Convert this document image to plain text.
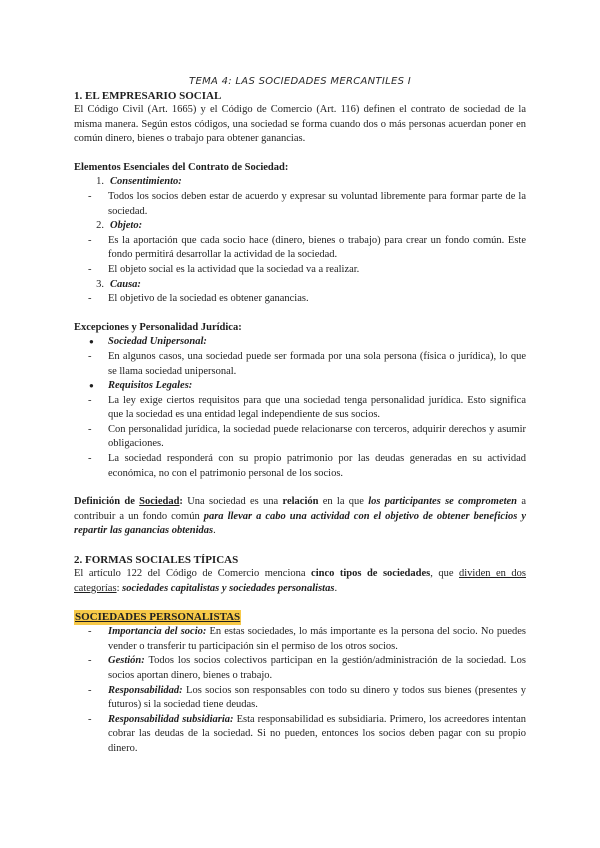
TEMA 4: LAS SOCIEDADES MERCANTILES I
1. EL EMPRESARIO SOCIAL

El Código Civil (Art. 1665) y el Código de Comercio (Art. 116) definen el contrato de sociedad de la misma manera. Según estos códigos, una sociedad se forma cuando dos o más personas acuerdan poner en común dinero, bienes o trabajo para obtener ganancias.

Elementos Esenciales del Contrato de Sociedad:
1. Consentimiento:
-	Todos los socios deben estar de acuerdo y expresar su voluntad libremente para formar parte de la sociedad.
2. Objeto:
-	Es la aportación que cada socio hace (dinero, bienes o trabajo) para crear un fondo común. Este fondo permitirá desarrollar la actividad de la sociedad.
-	El objeto social es la actividad que la sociedad va a realizar.
3. Causa:
-	El objetivo de la sociedad es obtener ganancias.
Excepciones y Personalidad Jurídica:
●	Sociedad Unipersonal:
-	En algunos casos, una sociedad puede ser formada por una sola persona (física o jurídica), lo que se llama sociedad unipersonal.
●	Requisitos Legales:
-	La ley exige ciertos requisitos para que una sociedad tenga personalidad jurídica. Esto significa que la sociedad es una entidad legal independiente de sus socios.
-	Con personalidad jurídica, la sociedad puede relacionarse con terceros, adquirir derechos y asumir obligaciones.
-	La sociedad responderá con su propio patrimonio por las deudas generadas en su actividad económica, no con el patrimonio personal de los socios.

Definición de Sociedad: Una sociedad es una relación en la que los participantes se comprometen a contribuir a un fondo común para llevar a cabo una actividad con el objetivo de obtener beneficios y repartir las ganancias obtenidas.

2. FORMAS SOCIALES TÍPICAS

El artículo 122 del Código de Comercio menciona cinco tipos de sociedades, que dividen en dos categorías: sociedades capitalistas y sociedades personalistas.

SOCIEDADES PERSONALISTAS
-	Importancia del socio: En estas sociedades, lo más importante es la persona del socio. No puedes vender o transferir tu participación sin el permiso de los otros socios.
-	Gestión: Todos los socios colectivos participan en la gestión/administración de la sociedad. Los socios aportan dinero, bienes o trabajo.
-	Responsabilidad: Los socios son responsables con todo su dinero y todos sus bienes (presentes y futuros) si la sociedad tiene deudas.
-	Responsabilidad subsidiaria: Esta responsabilidad es subsidiaria. Primero, los acreedores intentan cobrar las deudas de la sociedad. Si no pueden, entonces los socios deben pagar con su propio dinero.
